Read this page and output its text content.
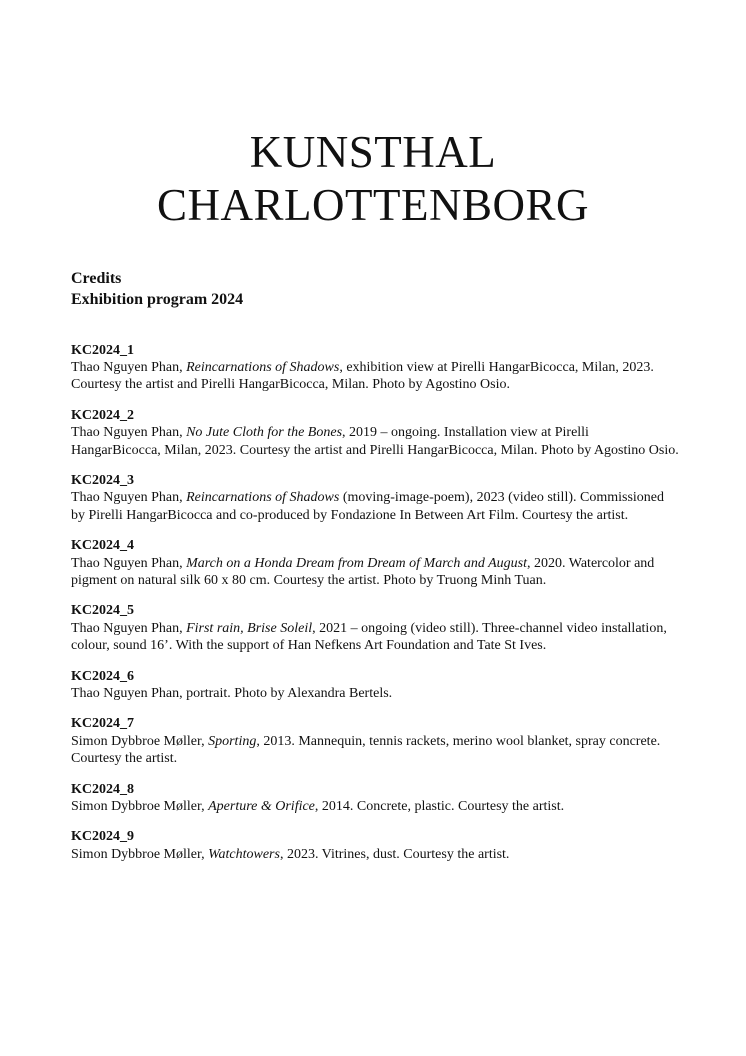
KUNSTHAL
CHARLOTTENBORG
Credits
Exhibition program 2024
KC2024_1
Thao Nguyen Phan, Reincarnations of Shadows, exhibition view at Pirelli HangarBicocca, Milan, 2023. Courtesy the artist and Pirelli HangarBicocca, Milan. Photo by Agostino Osio.
KC2024_2
Thao Nguyen Phan, No Jute Cloth for the Bones, 2019 – ongoing. Installation view at Pirelli HangarBicocca, Milan, 2023. Courtesy the artist and Pirelli HangarBicocca, Milan. Photo by Agostino Osio.
KC2024_3
Thao Nguyen Phan, Reincarnations of Shadows (moving-image-poem), 2023 (video still). Commissioned by Pirelli HangarBicocca and co-produced by Fondazione In Between Art Film. Courtesy the artist.
KC2024_4
Thao Nguyen Phan, March on a Honda Dream from Dream of March and August, 2020. Watercolor and pigment on natural silk 60 x 80 cm. Courtesy the artist. Photo by Truong Minh Tuan.
KC2024_5
Thao Nguyen Phan, First rain, Brise Soleil, 2021 – ongoing (video still). Three-channel video installation, colour, sound 16’. With the support of Han Nefkens Art Foundation and Tate St Ives.
KC2024_6
Thao Nguyen Phan, portrait. Photo by Alexandra Bertels.
KC2024_7
Simon Dybbroe Møller, Sporting, 2013. Mannequin, tennis rackets, merino wool blanket, spray concrete. Courtesy the artist.
KC2024_8
Simon Dybbroe Møller, Aperture & Orifice, 2014. Concrete, plastic. Courtesy the artist.
KC2024_9
Simon Dybbroe Møller, Watchtowers, 2023. Vitrines, dust. Courtesy the artist.
